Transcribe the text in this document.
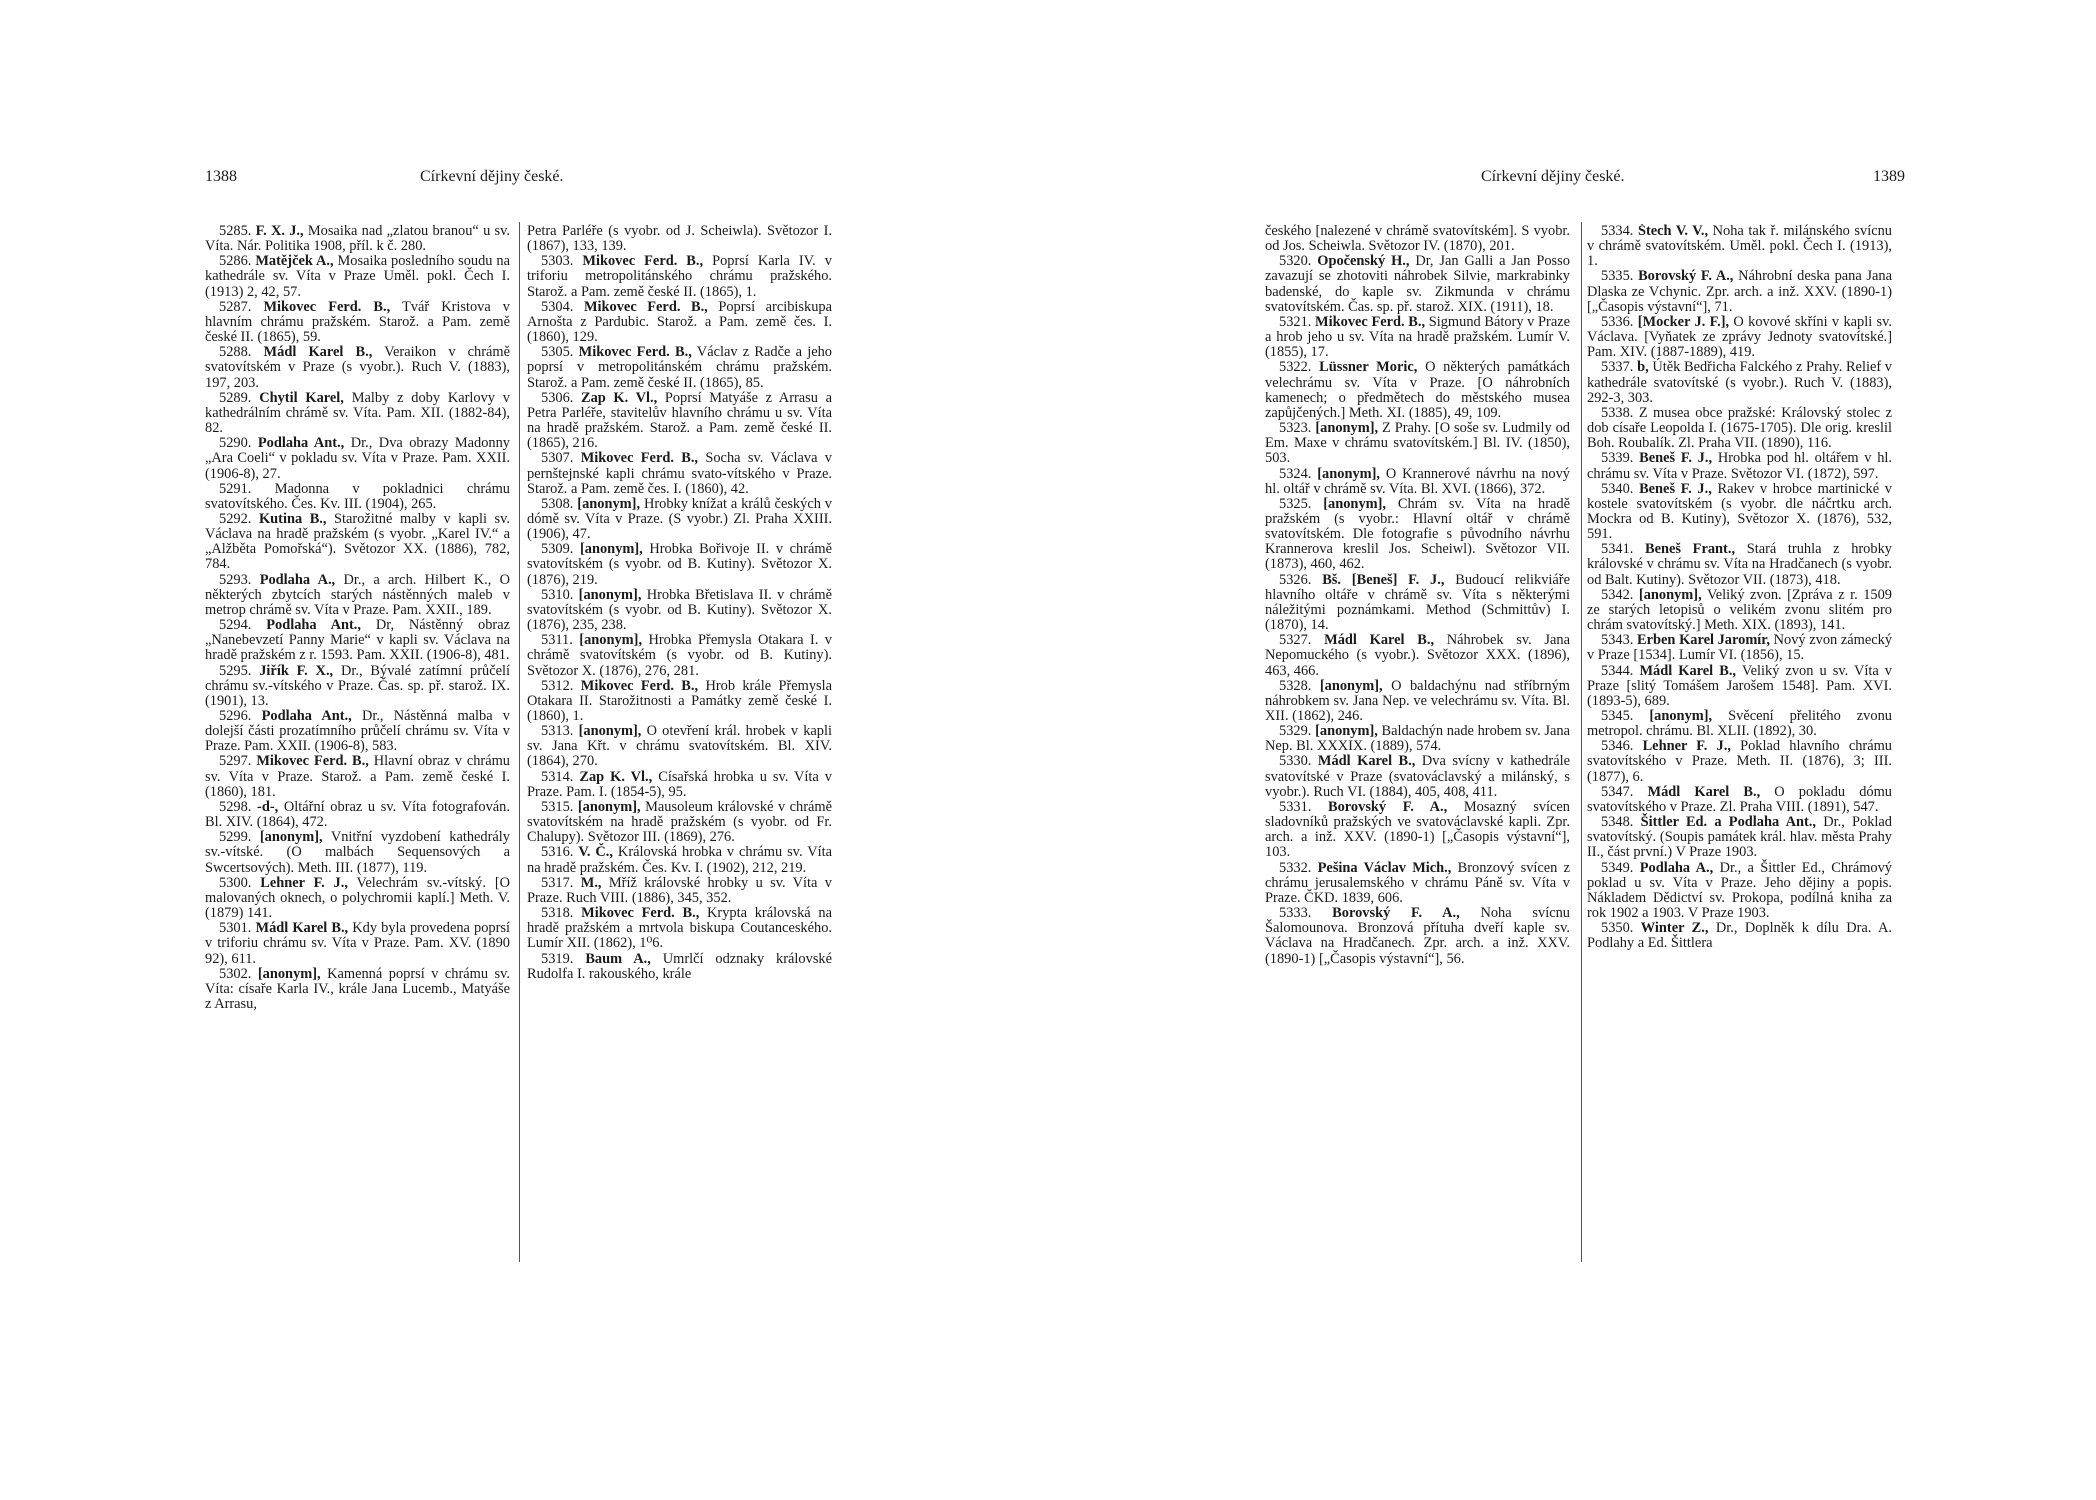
1388	Církevní dějiny české.

5285. F. X. J., Mosaika nad „zlatou branou“ u sv. Víta. Nár. Politika 1908, příl. k č. 280.

5286. Matějček A., Mosaika posledního soudu na kathedrále sv. Víta v Praze Uměl. pokl. Čech I. (1913) 2, 42, 57.

5287. Mikovec Ferd. B., Tvář Kristova v hlavním chrámu pražském. Starož. a Pam. země české II. (1865), 59.

5288. Mádl Karel B., Veraikon v chrámě svatovítském v Praze (s vyobr.). Ruch V. (1883), 197, 203.

5289. Chytil Karel, Malby z doby Karlovy v kathedrálním chrámě sv. Víta. Pam. XII. (1882-84), 82.

5290. Podlaha Ant., Dr., Dva obrazy Madonny „Ara Coeli“ v pokladu sv. Víta v Praze. Pam. XXII. (1906-8), 27.

5291. Madonna v pokladnici chrámu svatovítského. Čes. Kv. III. (1904), 265.

5292. Kutina B., Starožitné malby v kapli sv. Václava na hradě pražském (s vyobr. „Karel IV.“ a „Alžběta Pomořská“). Světozor XX. (1886), 782, 784.

5293. Podlaha A., Dr., a arch. Hilbert K., O některých zbytcích starých nástěnných maleb v metrop chrámě sv. Víta v Praze. Pam. XXII., 189.

5294. Podlaha Ant., Dr, Nástěnný obraz „Nanebevzetí Panny Marie“ v kapli sv. Václava na hradě pražském z r. 1593. Pam. XXII. (1906-8), 481.

5295. Jiřík F. X., Dr., Bývalé zatímní průčelí chrámu sv.-vítského v Praze. Čas. sp. př. starož. IX. (1901), 13.

5296. Podlaha Ant., Dr., Nástěnná malba v dolejší části prozatímního průčelí chrámu sv. Víta v Praze. Pam. XXII. (1906-8), 583.

5297. Mikovec Ferd. B., Hlavní obraz v chrámu sv. Víta v Praze. Starož. a Pam. země české I. (1860), 181.

5298. -d-, Oltářní obraz u sv. Víta fotografován. Bl. XIV. (1864), 472.

5299. [anonym], Vnitřní vyzdobení kathedrály sv.-vítské. (O malbách Sequensových a Swcertsových). Meth. III. (1877), 119.

5300. Lehner F. J., Velechrám sv.-vítský. [O malovaných oknech, o polychromii kaplí.] Meth. V. (1879) 141.

5301. Mádl Karel B., Kdy byla provedena poprsí v triforiu chrámu sv. Víta v Praze. Pam. XV. (1890 92), 611.

5302. [anonym], Kamenná poprsí v chrámu sv. Víta: císaře Karla IV., krále Jana Lucemb., Matyáše z Arrasu,

Petra Parléře (s vyobr. od J. Scheiwla). Světozor I. (1867), 133, 139.

5303. Mikovec Ferd. B., Poprsí Karla IV. v triforiu metropolitánského chrámu pražského. Starož. a Pam. země české II. (1865), 1.

5304. Mikovec Ferd. B., Poprsí arcibiskupa Arnošta z Pardubic. Starož. a Pam. země čes. I. (1860), 129.

5305. Mikovec Ferd. B., Václav z Radče a jeho poprsí v metropolitánském chrámu pražském. Starož. a Pam. země české II. (1865), 85.

5306. Zap K. Vl., Poprsí Matyáše z Arrasu a Petra Parléře, stavitelův hlavního chrámu u sv. Víta na hradě pražském. Starož. a Pam. země české II. (1865), 216.

5307. Mikovec Ferd. B., Socha sv. Václava v pernštejnské kapli chrámu svato-vítského v Praze. Starož. a Pam. země čes. I. (1860), 42.

5308. [anonym], Hrobky knížat a králů českých v dómě sv. Víta v Praze. (S vyobr.) Zl. Praha XXIII. (1906), 47.

5309. [anonym], Hrobka Bořivoje II. v chrámě svatovítském (s vyobr. od B. Kutiny). Světozor X. (1876), 219.

5310. [anonym], Hrobka Břetislava II. v chrámě svatovítském (s vyobr. od B. Kutiny). Světozor X. (1876), 235, 238.

5311. [anonym], Hrobka Přemysla Otakara I. v chrámě svatovítském (s vyobr. od B. Kutiny). Světozor X. (1876), 276, 281.

5312. Mikovec Ferd. B., Hrob krále Přemysla Otakara II. Starožitnosti a Památky země české I. (1860), 1.

5313. [anonym], O otevření král. hrobek v kapli sv. Jana Křt. v chrámu svatovítském. Bl. XIV. (1864), 270.

5314. Zap K. Vl., Císařská hrobka u sv. Víta v Praze. Pam. I. (1854-5), 95.

5315. [anonym], Mausoleum královské v chrámě svatovítském na hradě pražském (s vyobr. od Fr. Chalupy). Světozor III. (1869), 276.

5316. V. Č., Královská hrobka v chrámu sv. Víta na hradě pražském. Čes. Kv. I. (1902), 212, 219.

5317. M., Mříž královské hrobky u sv. Víta v Praze. Ruch VIII. (1886), 345, 352.

5318. Mikovec Ferd. B., Krypta královská na hradě pražském a mrtvola biskupa Coutanceského. Lumír XII. (1862), 1⁰6.

5319. Baum A., Umrlčí odznaky královské Rudolfa I. rakouského, krále

Církevní dějiny české.	1389

českého [nalezené v chrámě svatovítském]. S vyobr. od Jos. Scheiwla. Světozor IV. (1870), 201.

5320. Opočenský H., Dr, Jan Galli a Jan Posso zavazují se zhotoviti náhrobek Silvie, markrabinky badenské, do kaple sv. Zikmunda v chrámu svatovítském. Čas. sp. př. starož. XIX. (1911), 18.

5321. Mikovec Ferd. B., Sigmund Bátory v Praze a hrob jeho u sv. Víta na hradě pražském. Lumír V. (1855), 17.

5322. Lüssner Moric, O některých památkách velechrámu sv. Víta v Praze. [O náhrobních kamenech; o předmětech do městského musea zapůjčených.] Meth. XI. (1885), 49, 109.

5323. [anonym], Z Prahy. [O soše sv. Ludmily od Em. Maxe v chrámu svatovítském.] Bl. IV. (1850), 503.

5324. [anonym], O Krannerové návrhu na nový hl. oltář v chrámě sv. Víta. Bl. XVI. (1866), 372.

5325. [anonym], Chrám sv. Víta na hradě pražském (s vyobr.: Hlavní oltář v chrámě svatovítském. Dle fotografie s původního návrhu Krannerova kreslil Jos. Scheiwl). Světozor VII. (1873), 460, 462.

5326. Bš. [Beneš] F. J., Budoucí relikviáře hlavního oltáře v chrámě sv. Víta s některými náležitými poznámkami. Method (Schmittův) I. (1870), 14.

5327. Mádl Karel B., Náhrobek sv. Jana Nepomuckého (s vyobr.). Světozor XXX. (1896), 463, 466.

5328. [anonym], O baldachýnu nad stříbrným náhrobkem sv. Jana Nep. ve velechrámu sv. Víta. Bl. XII. (1862), 246.

5329. [anonym], Baldachýn nade hrobem sv. Jana Nep. Bl. XXXIX. (1889), 574.

5330. Mádl Karel B., Dva svícny v kathedrále svatovítské v Praze (svatováclavský a milánský, s vyobr.). Ruch VI. (1884), 405, 408, 411.

5331. Borovský F. A., Mosazný svícen sladovníků pražských ve svatováclavské kapli. Zpr. arch. a inž. XXV. (1890-1) [„Časopis výstavní“], 103.

5332. Pešina Václav Mich., Bronzový svícen z chrámu jerusalemského v chrámu Páně sv. Víta v Praze. ČKD. 1839, 606.

5333. Borovský F. A., Noha svícnu Šalomounova. Bronzová přítuha dveří kaple sv. Václava na Hradčanech. Zpr. arch. a inž. XXV. (1890-1) [„Časopis výstavní“], 56.

5334. Štech V. V., Noha tak ř. milánského svícnu v chrámě svatovítském. Uměl. pokl. Čech I. (1913), 1.

5335. Borovský F. A., Náhrobní deska pana Jana Dlaska ze Vchynic. Zpr. arch. a inž. XXV. (1890-1) [„Časopis výstavní“], 71.

5336. [Mocker J. F.], O kovové skříni v kapli sv. Václava. [Vyňatek ze zprávy Jednoty svatovítské.] Pam. XIV. (1887-1889), 419.

5337. b, Útěk Bedřicha Falckého z Prahy. Relief v kathedrále svatovítské (s vyobr.). Ruch V. (1883), 292-3, 303.

5338. Z musea obce pražské: Královský stolec z dob císaře Leopolda I. (1675-1705). Dle orig. kreslil Boh. Roubalík. Zl. Praha VII. (1890), 116.

5339. Beneš F. J., Hrobka pod hl. oltářem v hl. chrámu sv. Víta v Praze. Světozor VI. (1872), 597.

5340. Beneš F. J., Rakev v hrobce martinické v kostele svatovítském (s vyobr. dle náčrtku arch. Mockra od B. Kutiny), Světozor X. (1876), 532, 591.

5341. Beneš Frant., Stará truhla z hrobky královské v chrámu sv. Víta na Hradčanech (s vyobr. od Balt. Kutiny). Světozor VII. (1873), 418.

5342. [anonym], Veliký zvon. [Zpráva z r. 1509 ze starých letopisů o velikém zvonu slitém pro chrám svatovítský.] Meth. XIX. (1893), 141.

5343. Erben Karel Jaromír, Nový zvon zámecký v Praze [1534]. Lumír VI. (1856), 15.

5344. Mádl Karel B., Veliký zvon u sv. Víta v Praze [slitý Tomášem Jarošem 1548]. Pam. XVI. (1893-5), 689.

5345. [anonym], Svěcení přelitého zvonu metropol. chrámu. Bl. XLII. (1892), 30.

5346. Lehner F. J., Poklad hlavního chrámu svatovítského v Praze. Meth. II. (1876), 3; III. (1877), 6.

5347. Mádl Karel B., O pokladu dómu svatovítského v Praze. Zl. Praha VIII. (1891), 547.

5348. Šittler Ed. a Podlaha Ant., Dr., Poklad svatovítský. (Soupis památek král. hlav. města Prahy II., část první.) V Praze 1903.

5349. Podlaha A., Dr., a Šittler Ed., Chrámový poklad u sv. Víta v Praze. Jeho dějiny a popis. Nákladem Dědictví sv. Prokopa, podílná kniha za rok 1902 a 1903. V Praze 1903.

5350. Winter Z., Dr., Doplněk k dílu Dra. A. Podlahy a Ed. Šittlera
